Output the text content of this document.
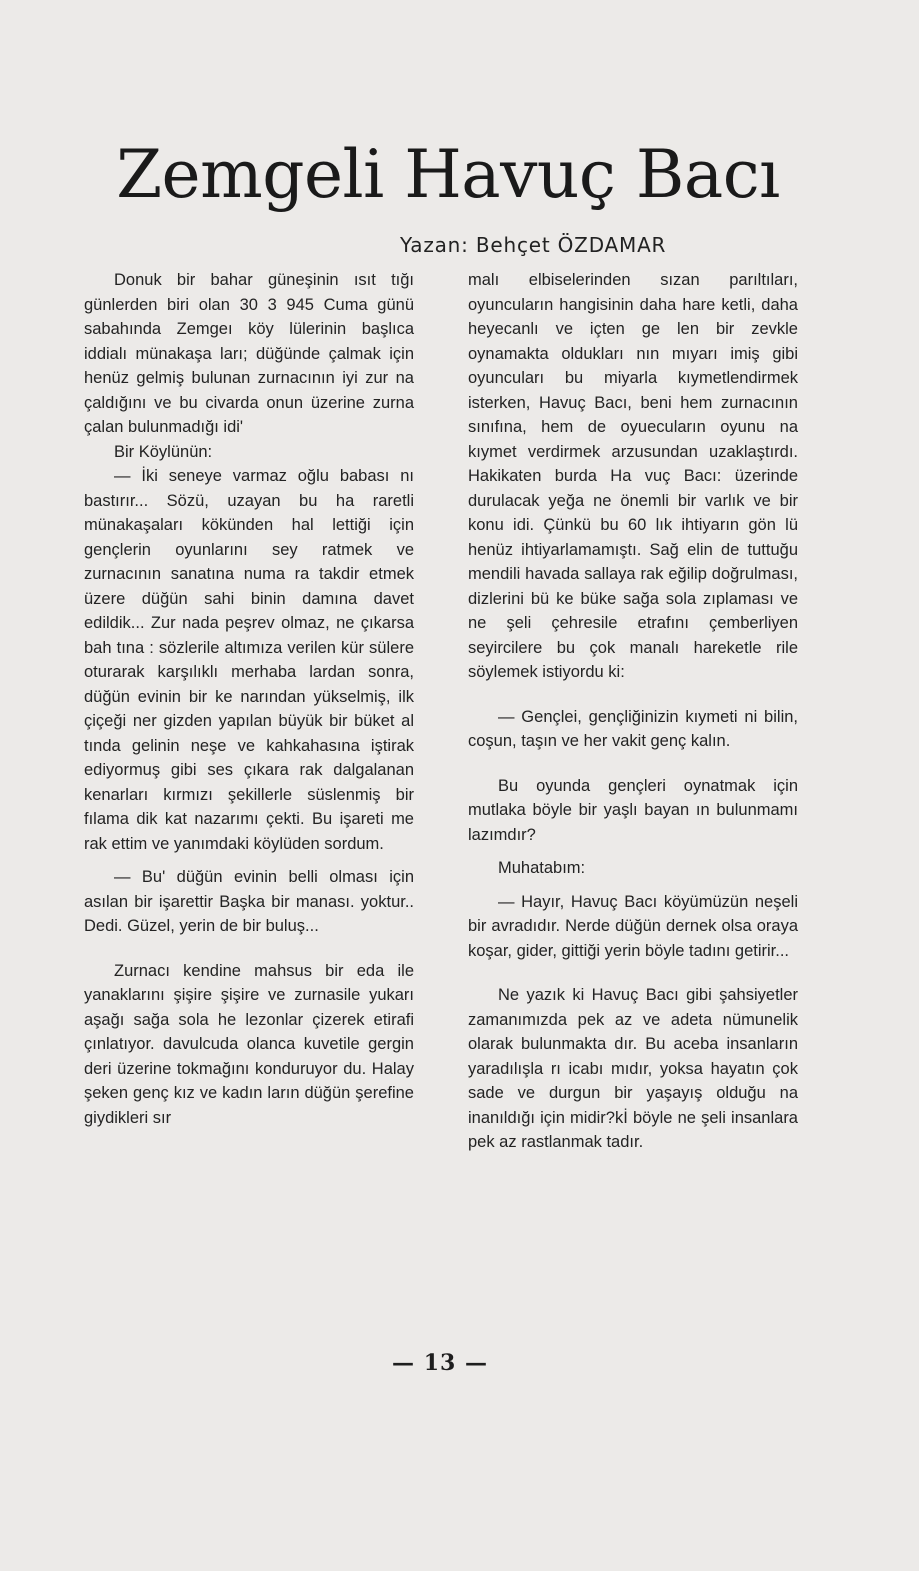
Zemgeli Havuç Bacı
Yazan: Behçet ÖZDAMAR

Donuk bir bahar güneşinin ısıt tığı günlerden biri olan 30 3 945 Cuma günü sabahında Zemgeı köy lülerinin başlıca iddialı münakaşa ları; düğünde çalmak için henüz gelmiş bulunan zurnacının iyi zur na çaldığını ve bu civarda onun üzerine zurna çalan bulunmadığı idi'

Bir Köylünün:

— İki seneye varmaz oğlu babası nı bastırır... Sözü, uzayan bu ha raretli münakaşaları kökünden hal lettiği için gençlerin oyunlarını sey ratmek ve zurnacının sanatına numa ra takdir etmek üzere düğün sahi binin damına davet edildik... Zur nada peşrev olmaz, ne çıkarsa bah tına : sözlerile altımıza verilen kür sülere oturarak karşılıklı merhaba lardan sonra, düğün evinin bir ke narından yükselmiş, ilk çiçeği ner gizden yapılan büyük bir büket al tında gelinin neşe ve kahkahasına iştirak ediyormuş gibi ses çıkara rak dalgalanan kenarları kırmızı şekillerle süslenmiş bir fılama dik kat nazarımı çekti. Bu işareti me rak ettim ve yanımdaki köylüden sordum.

— Bu' düğün evinin belli olması için asılan bir işarettir Başka bir manası. yoktur.. Dedi. Güzel, yerin de bir buluş...

Zurnacı kendine mahsus bir eda ile yanaklarını şişire şişire ve zurnasile yukarı aşağı sağa sola he lezonlar çizerek etirafi çınlatıyor. davulcuda olanca kuvetile gergin deri üzerine tokmağını konduruyor du. Halay şeken genç kız ve kadın ların düğün şerefine giydikleri sır

malı elbiselerinden sızan parıltıları, oyuncuların hangisinin daha hare ketli, daha heyecanlı ve içten ge len bir zevkle oynamakta oldukları nın mıyarı imiş gibi oyuncuları bu miyarla kıymetlendirmek isterken, Havuç Bacı, beni hem zurnacının sınıfına, hem de oyuecuların oyunu na kıymet verdirmek arzusundan uzaklaştırdı. Hakikaten burda Ha vuç Bacı: üzerinde durulacak yeğa ne önemli bir varlık ve bir konu idi. Çünkü bu 60 lık ihtiyarın gön lü henüz ihtiyarlamamıştı. Sağ elin de tuttuğu mendili havada sallaya rak eğilip doğrulması, dizlerini bü ke büke sağa sola zıplaması ve ne şeli çehresile etrafını çemberliyen seyircilere bu çok manalı hareketle rile söylemek istiyordu ki:

— Gençlei, gençliğinizin kıymeti ni bilin, coşun, taşın ve her vakit genç kalın.

Bu oyunda gençleri oynatmak için mutlaka böyle bir yaşlı bayan ın bulunmamı lazımdır?

Muhatabım:

— Hayır, Havuç Bacı köyümüzün neşeli bir avradıdır. Nerde düğün dernek olsa oraya koşar, gider, gittiği yerin böyle tadını getirir...

Ne yazık ki Havuç Bacı gibi şahsiyetler zamanımızda pek az ve adeta nümunelik olarak bulunmakta dır. Bu aceba insanların yaradılışla rı icabı mıdır, yoksa hayatın çok sade ve durgun bir yaşayış olduğu na inanıldığı için midir?kİ böyle ne şeli insanlara pek az rastlanmak tadır.

— 13 —
